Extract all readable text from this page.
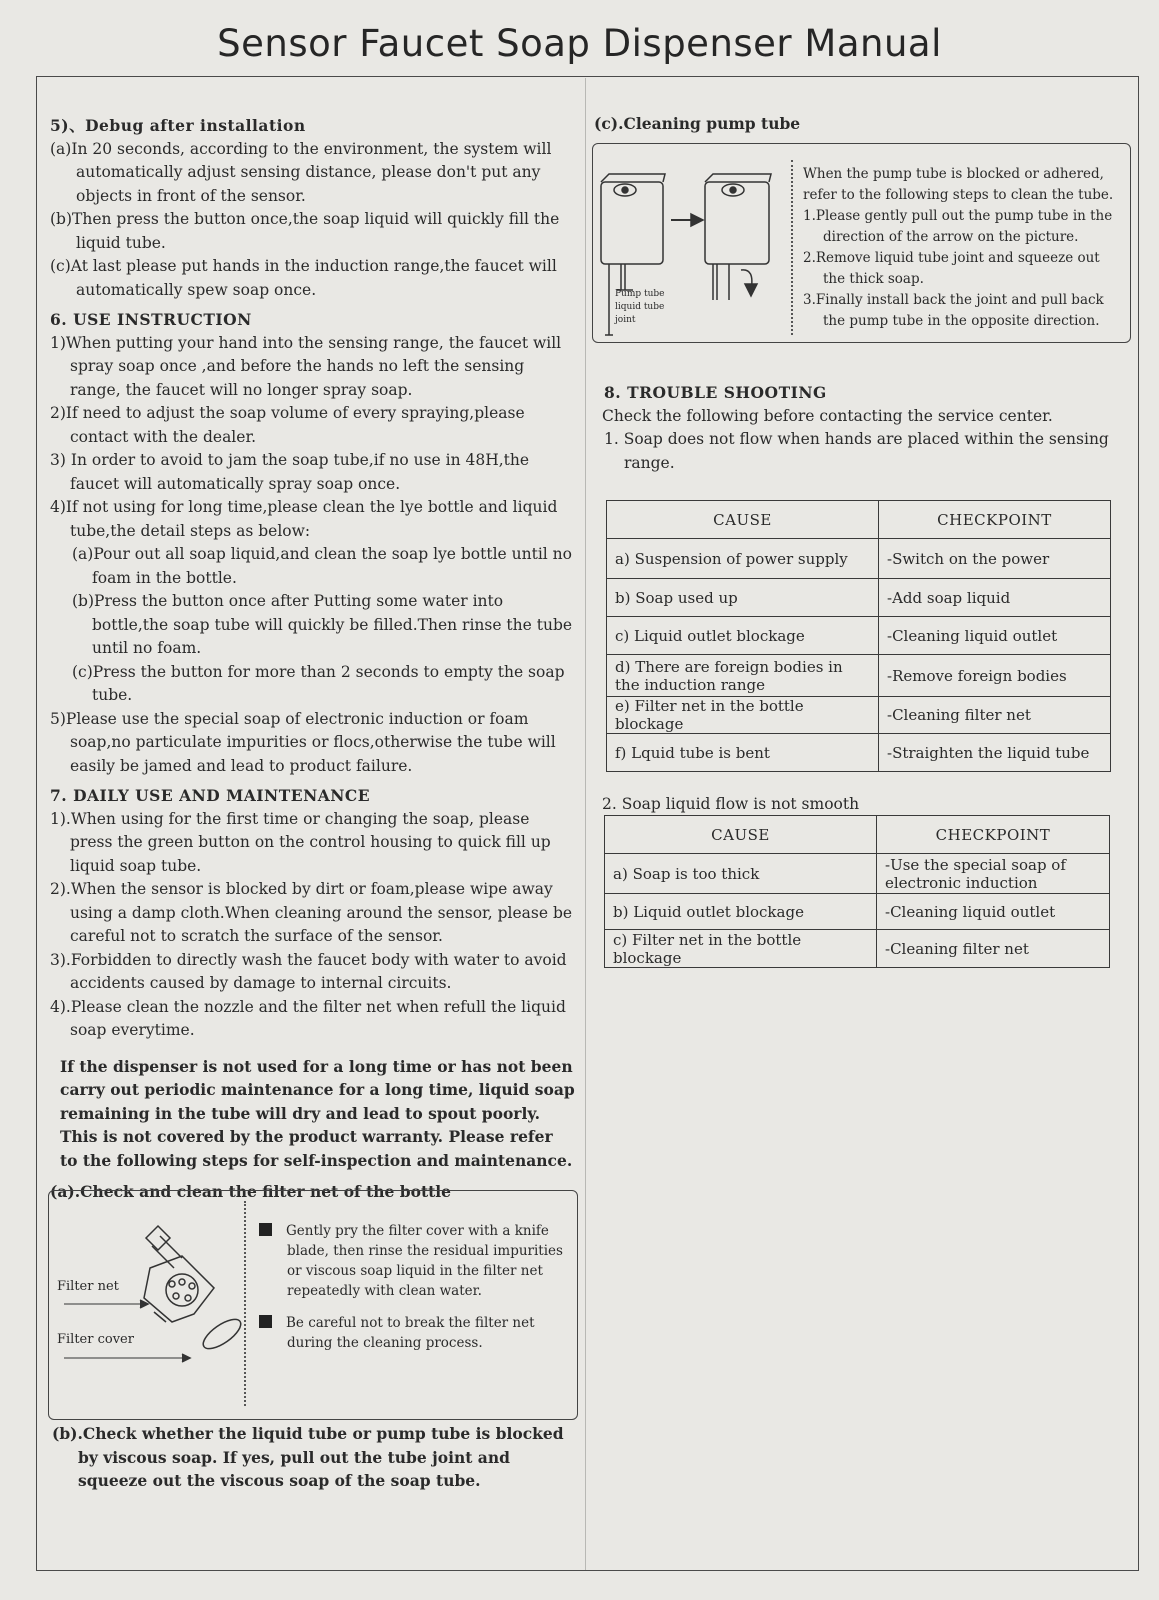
Sensor Faucet Soap Dispenser Manual

5)、Debug after installation

(a)In 20 seconds, according to the environment, the system will automatically adjust sensing distance, please don't put any objects in front of the sensor.

(b)Then press the button once,the soap liquid will quickly fill the liquid tube.

(c)At last please put hands in the induction range,the faucet will automatically spew soap once.

6. USE INSTRUCTION

1)When putting your hand into the sensing range, the faucet will spray soap once ,and before the hands no left the sensing range, the faucet will no longer spray soap.

2)If need to adjust the soap volume of every spraying,please contact with the dealer.

3) In order to avoid to jam the soap tube,if no use in 48H,the faucet will automatically spray soap once.

4)If not using for long time,please clean the lye bottle and liquid tube,the detail steps as below:

(a)Pour out all soap liquid,and clean the soap lye bottle until no foam in the bottle.

(b)Press the button once after Putting some water into bottle,the soap tube will quickly be filled.Then rinse the tube until no foam.

(c)Press the button for more than 2 seconds to empty the soap tube.

5)Please use the special soap of electronic induction or foam soap,no particulate impurities or flocs,otherwise the tube will easily be jamed and lead to product failure.

7. DAILY USE AND MAINTENANCE

1).When using for the first time or changing the soap, please press the green button on the control housing to quick fill up liquid soap tube.

2).When the sensor is blocked by dirt or foam,please wipe away using a damp cloth.When cleaning around the sensor, please be careful not to scratch the surface of the sensor.

3).Forbidden to directly wash the faucet body with water to avoid accidents caused by damage to internal circuits.

4).Please clean the nozzle and the filter net when refull the liquid soap everytime.

If the dispenser is not used for a long time or has not been carry out periodic maintenance for a long time, liquid soap remaining in the tube will dry and lead to spout poorly. This is not covered by the product warranty. Please refer to the following steps for self-inspection and maintenance.

(a).Check and clean the filter net of the bottle

Filter net
Filter cover

Gently pry the filter cover with a knife blade, then rinse the residual impurities or viscous soap liquid in the filter net repeatedly with clean water.

Be careful not to break the filter net during the cleaning process.

(b).Check whether the liquid tube or pump tube is blocked by viscous soap. If yes, pull out the tube joint and squeeze out the viscous soap of the soap tube.

(c).Cleaning pump tube

Pump tube
liquid tube
joint

When the pump tube is blocked or adhered, refer to the following steps to clean the tube.

1.Please gently pull out the pump tube in the direction of the arrow on the picture.

2.Remove liquid tube joint and squeeze out the thick soap.

3.Finally install back the joint and pull back the pump tube in the opposite direction.

8. TROUBLE SHOOTING

Check the following before contacting the service center.

1. Soap does not flow when hands are placed within the sensing range.

CAUSE	CHECKPOINT
a) Suspension of power supply	-Switch on the power
b) Soap used up	-Add soap liquid
c) Liquid outlet blockage	-Cleaning liquid outlet
d) There are foreign bodies in the induction range	-Remove foreign bodies
e) Filter net in the bottle blockage	-Cleaning filter net
f) Lquid tube is bent	-Straighten the liquid tube
2. Soap liquid flow is not smooth
CAUSE	CHECKPOINT
a) Soap is too thick	-Use the special soap of electronic induction
b) Liquid outlet blockage	-Cleaning liquid outlet
c) Filter net in the bottle blockage	-Cleaning filter net
